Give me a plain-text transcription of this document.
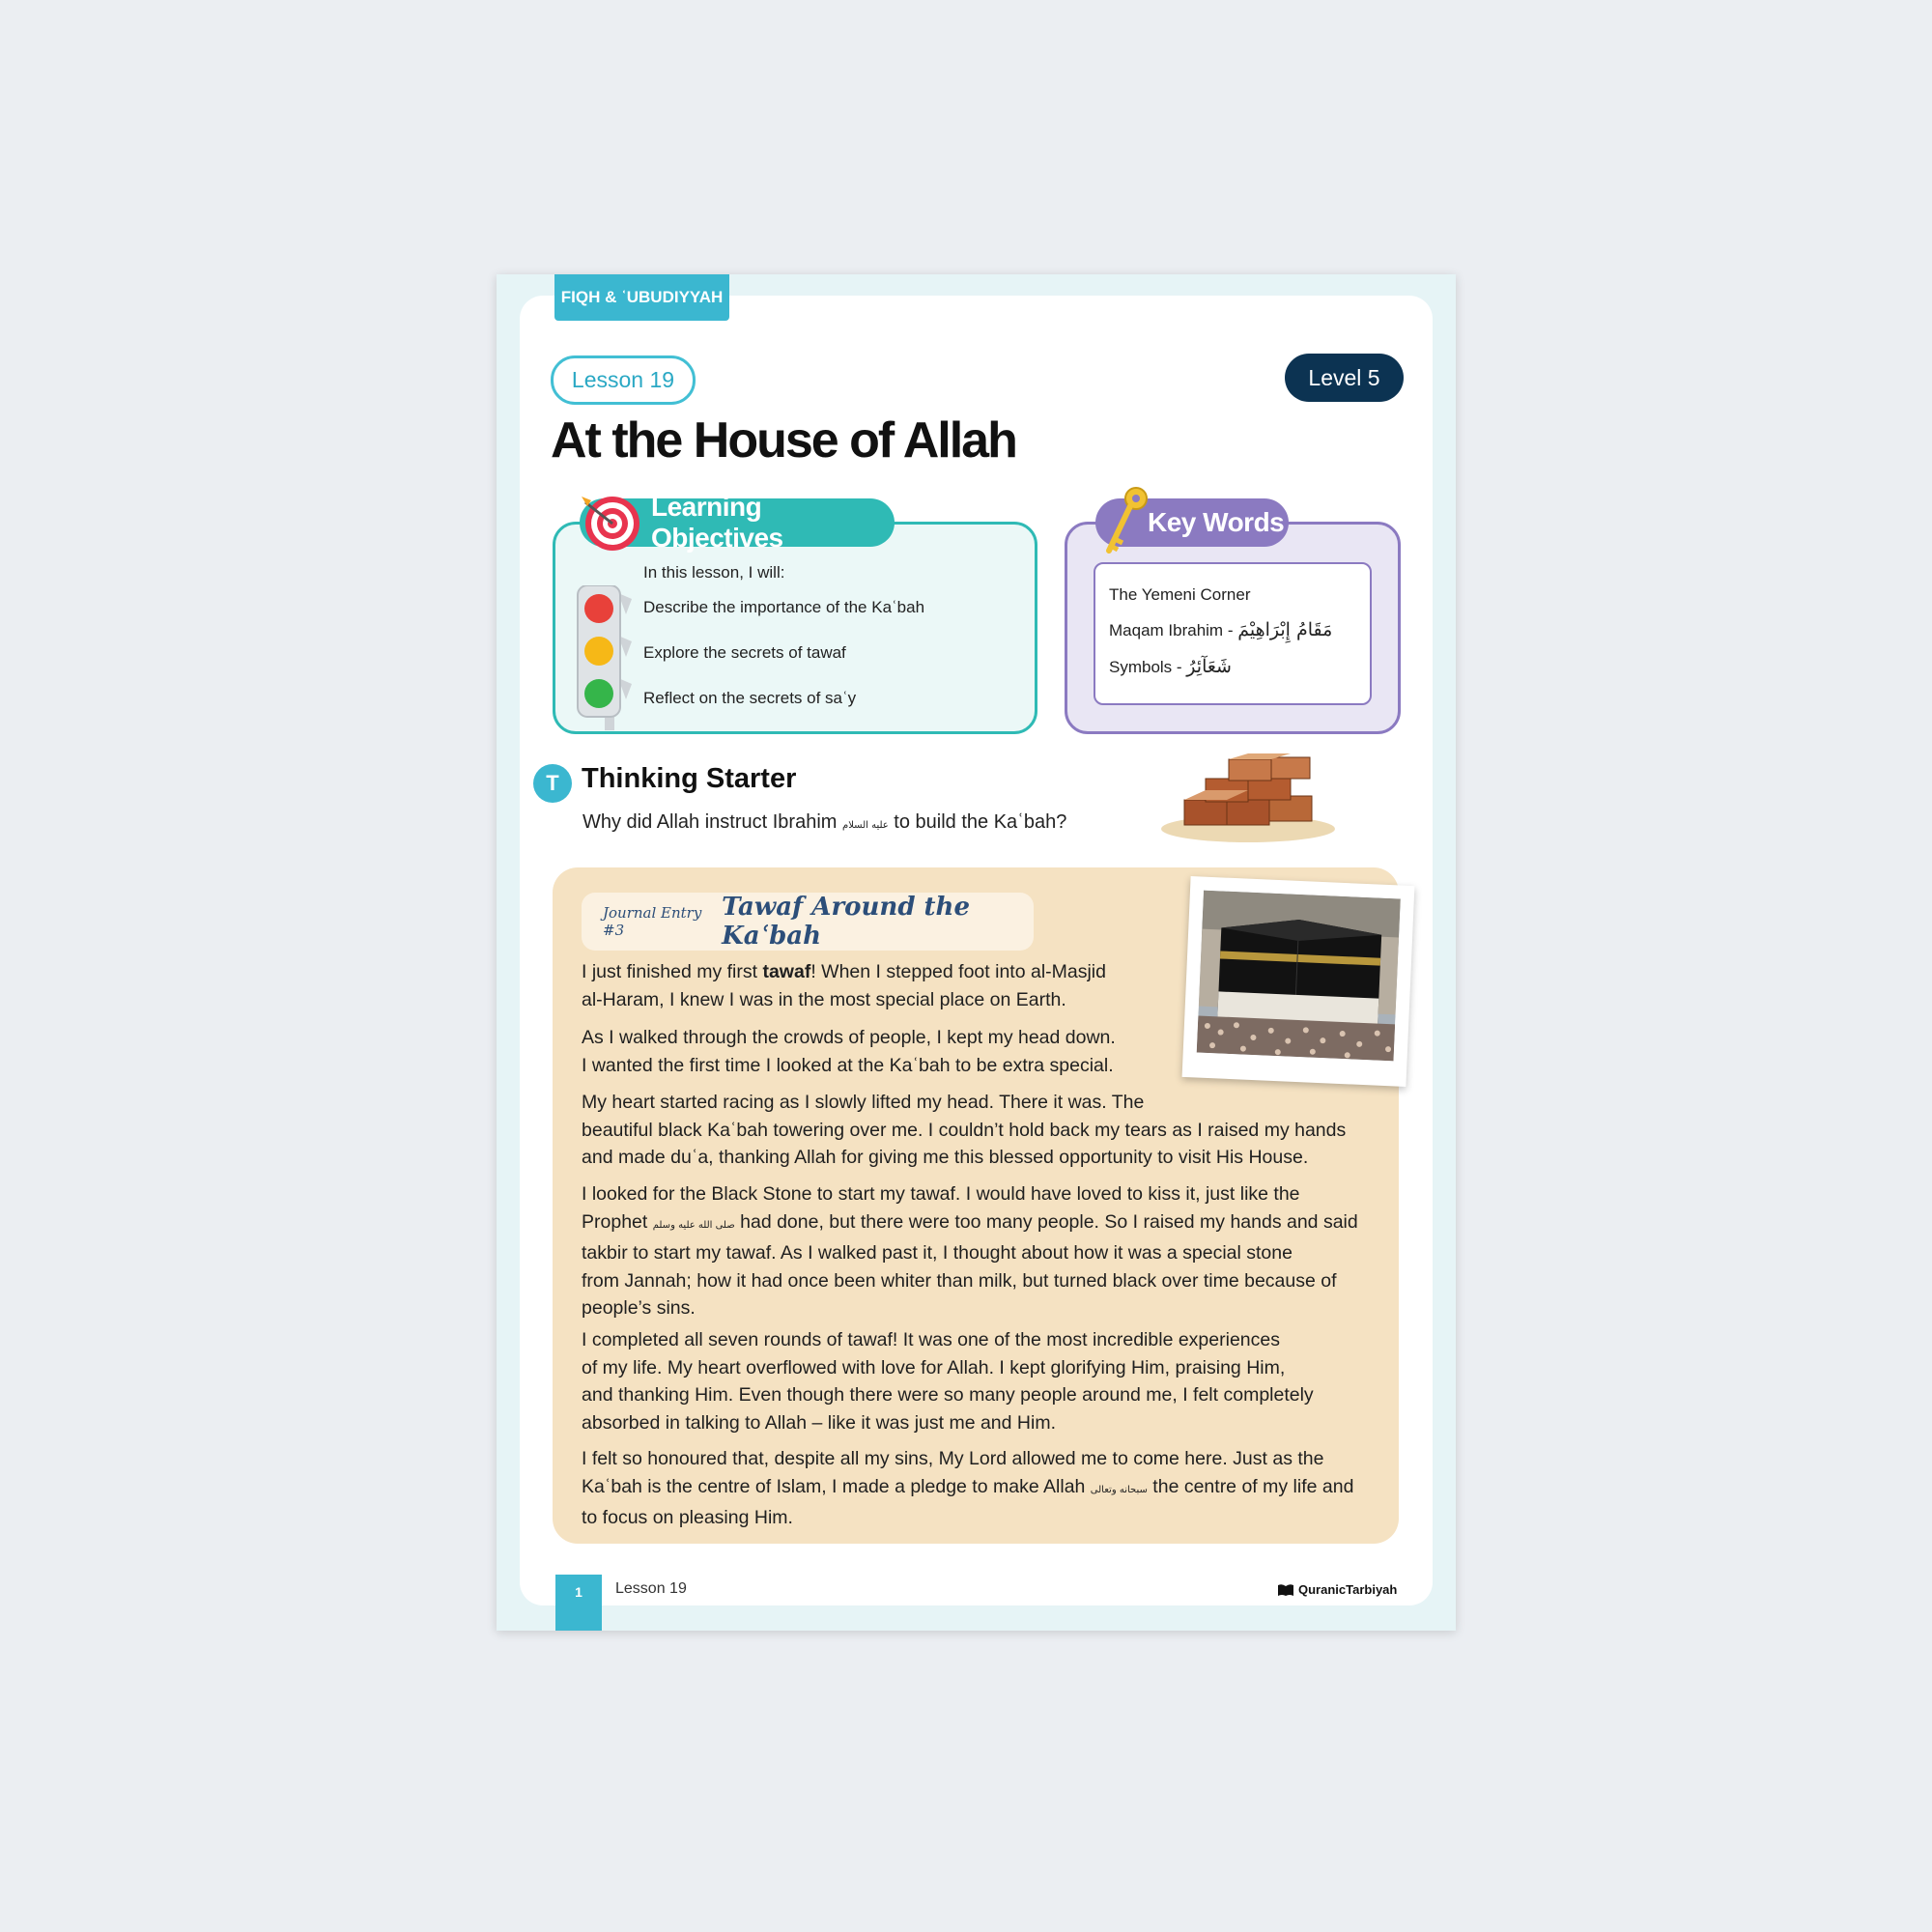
FIQH & ʿUBUDIYYAH
Lesson 19	Level 5
At the House of Allah
Learning Objectives
In this lesson, I will:
Describe the importance of the Kaʿbah
Explore the secrets of tawaf
Reflect on the secrets of saʿy
Key Words
The Yemeni Corner
Maqam Ibrahim - مَقَامُ إِبْرَاهِيْمَ
Symbols - شَعَآئِرُ
T Thinking Starter
Why did Allah instruct Ibrahim عليه السلام to build the Kaʿbah?
Journal Entry #3
Tawaf Around the Kaʿbah
I just finished my first tawaf! When I stepped foot into al-Masjid
al-Haram, I knew I was in the most special place on Earth.
As I walked through the crowds of people, I kept my head down.
I wanted the first time I looked at the Kaʿbah to be extra special.
My heart started racing as I slowly lifted my head. There it was. The
beautiful black Kaʿbah towering over me. I couldn’t hold back my tears as I raised my hands
and made duʿa, thanking Allah for giving me this blessed opportunity to visit His House.
I looked for the Black Stone to start my tawaf. I would have loved to kiss it, just like the
Prophet صلى الله عليه وسلم had done, but there were too many people. So I raised my hands and said
takbir to start my tawaf. As I walked past it, I thought about how it was a special stone
from Jannah; how it had once been whiter than milk, but turned black over time because of
people’s sins.
I completed all seven rounds of tawaf! It was one of the most incredible experiences
of my life. My heart overflowed with love for Allah. I kept glorifying Him, praising Him,
and thanking Him. Even though there were so many people around me, I felt completely
absorbed in talking to Allah – like it was just me and Him.
I felt so honoured that, despite all my sins, My Lord allowed me to come here. Just as the
Kaʿbah is the centre of Islam, I made a pledge to make Allah سبحانه وتعالى the centre of my life and
to focus on pleasing Him.
1	Lesson 19	QuranicTarbiyah
